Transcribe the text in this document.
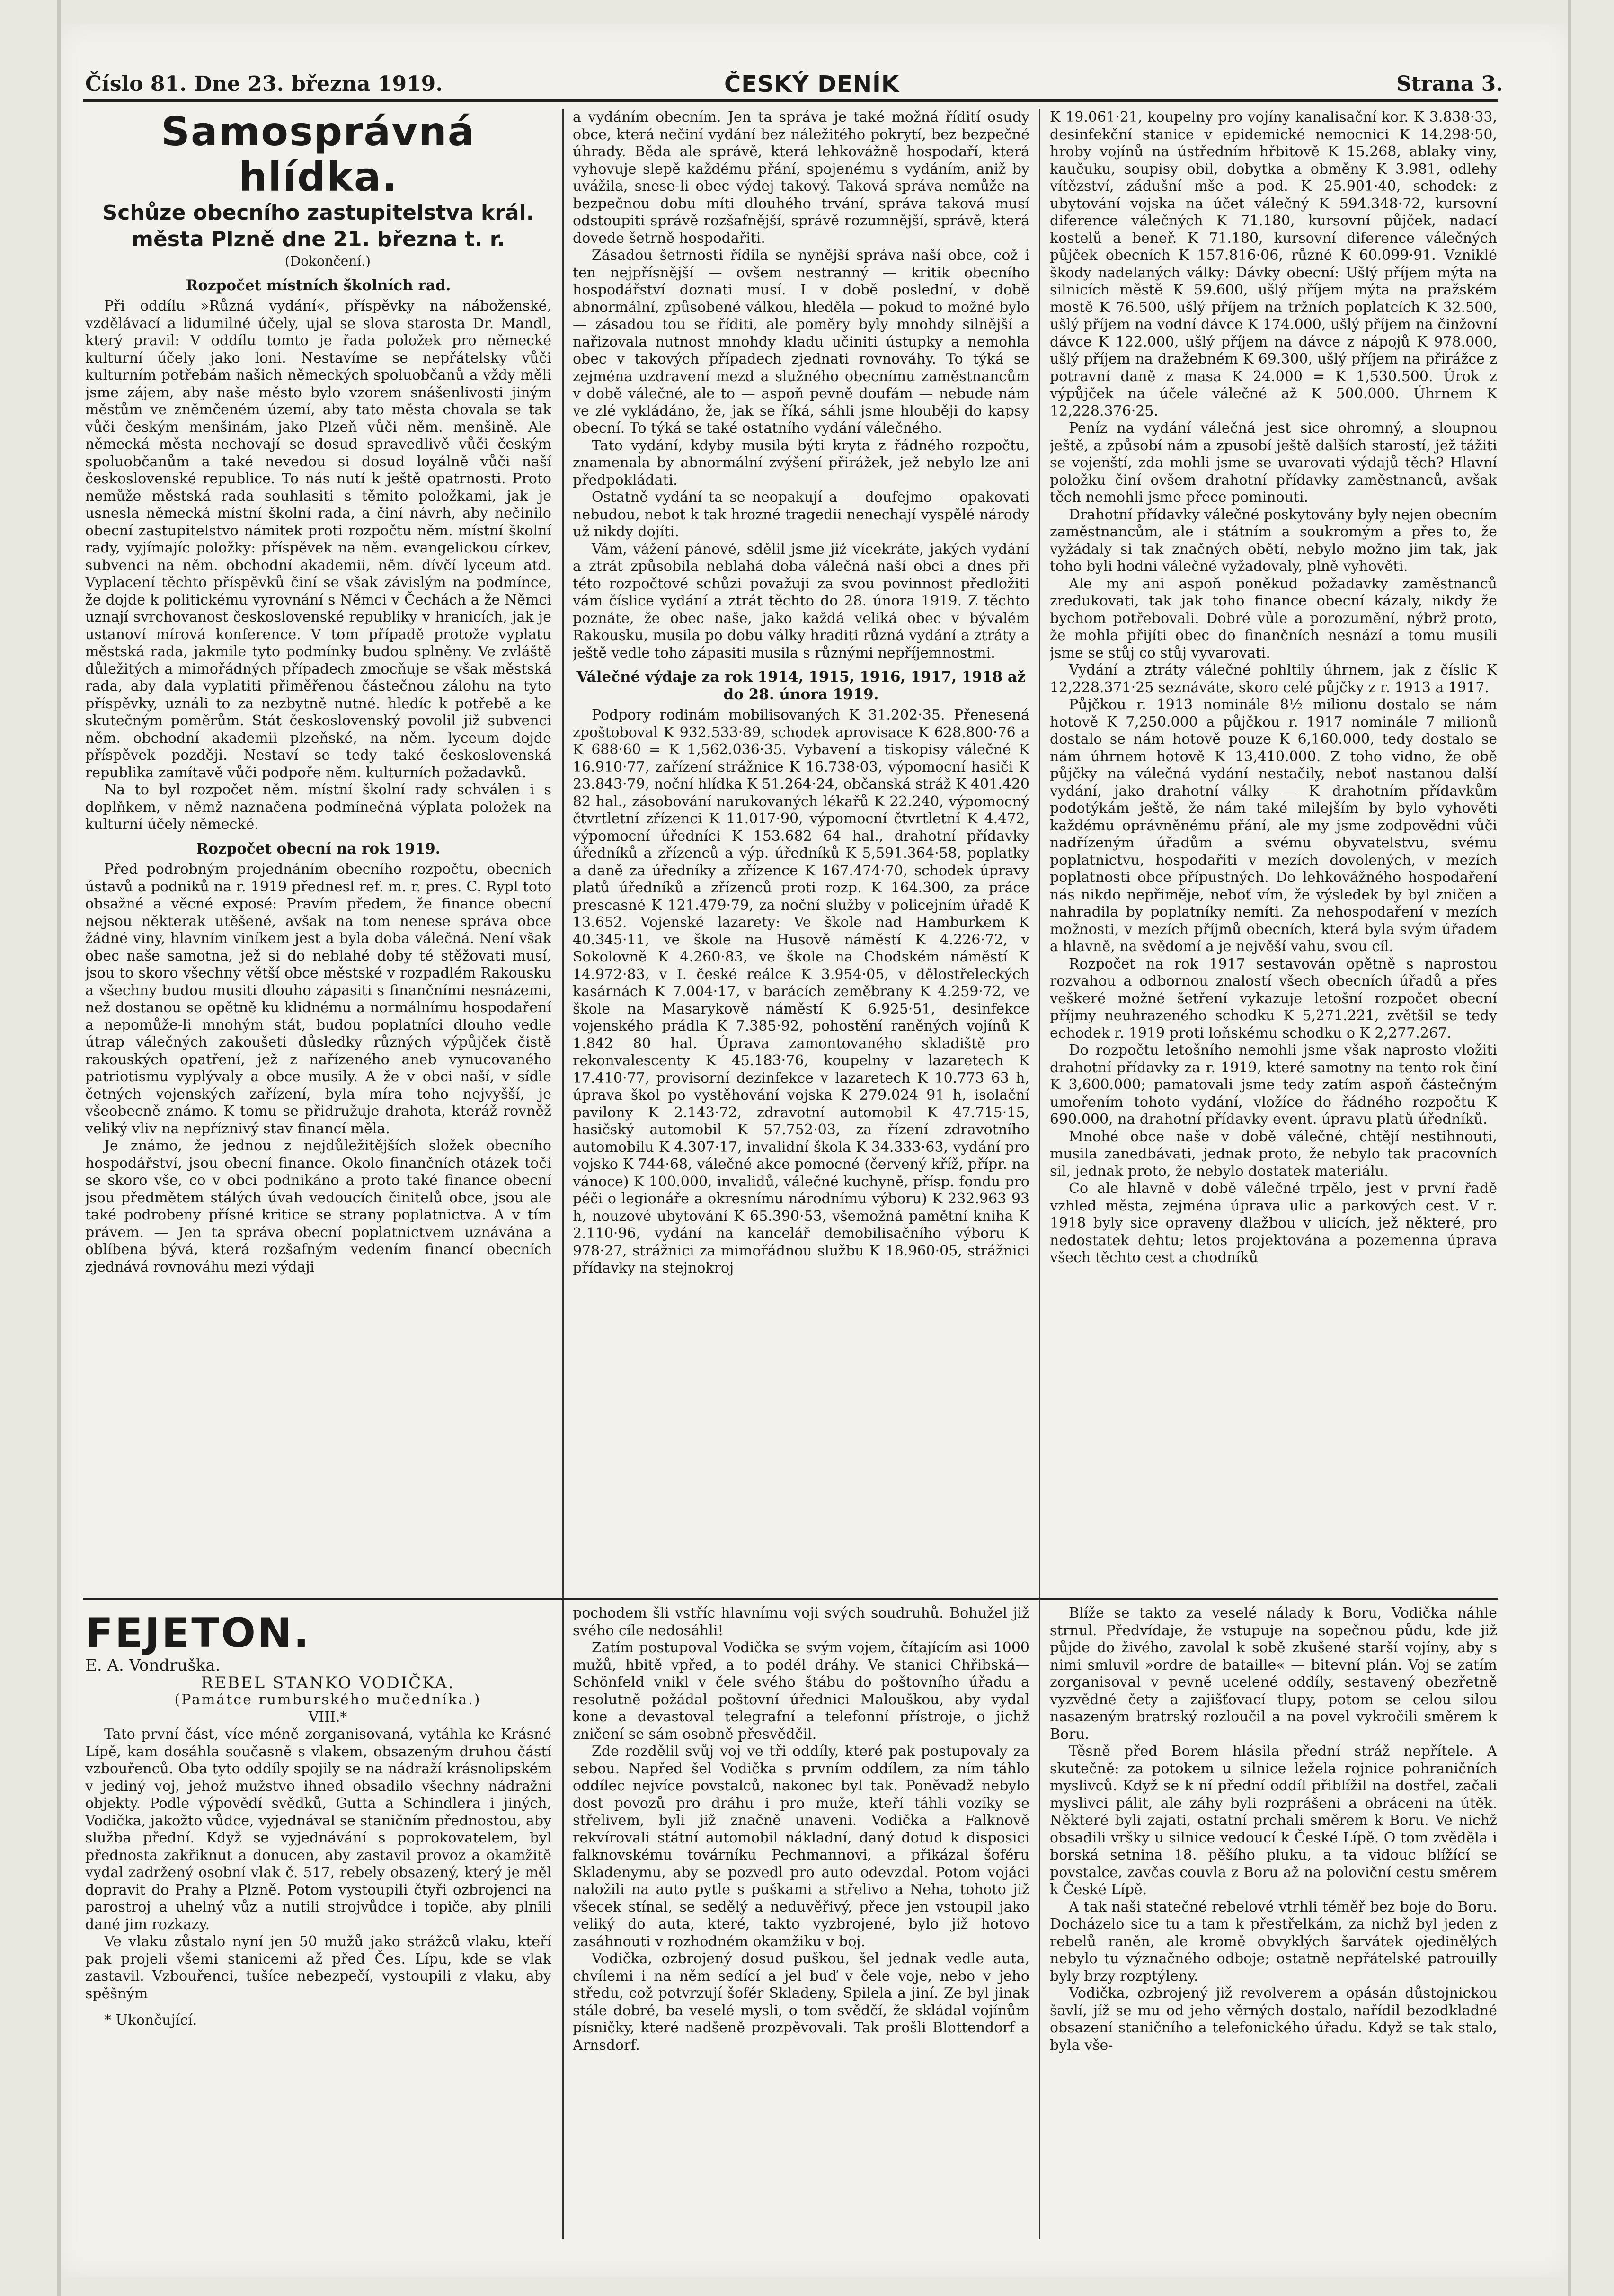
Číslo 81. Dne 23. března 1919.	ČESKÝ DENÍK	Strana 3.
Samosprávná hlídka.
Schůze obecního zastupitelstva král. města Plzně dne 21. března t. r.

(Dokončení.)

Rozpočet místních školních rad.

Při oddílu »Různá vydání«, příspěvky na náboženské, vzdělávací a lidumilné účely, ujal se slova starosta Dr. Mandl, který pravil: V oddílu tomto je řada položek pro německé kulturní účely jako loni. Nestavíme se nepřátelsky vůči kulturním potřebám našich německých spoluobčanů a vždy měli jsme zájem, aby naše město bylo vzorem snášenlivosti jiným městům ve zněmčeném území, aby tato města chovala se tak vůči českým menšinám, jako Plzeň vůči něm. menšině. Ale německá města nechovají se dosud spravedlivě vůči českým spoluobčanům a také nevedou si dosud loyálně vůči naší československé republice. To nás nutí k ještě opatrnosti. Proto nemůže městská rada souhlasiti s těmito položkami, jak je usnesla německá místní školní rada, a činí návrh, aby nečinilo obecní zastupitelstvo námitek proti rozpočtu něm. místní školní rady, vyjímajíc položky: příspěvek na něm. evangelickou církev, subvenci na něm. obchodní akademii, něm. dívčí lyceum atd. Vyplacení těchto příspěvků činí se však závislým na podmínce, že dojde k politickému vyrovnání s Němci v Čechách a že Němci uznají svrchovanost československé republiky v hranicích, jak je ustanoví mírová konference. V tom případě protože vyplatu městská rada, jakmile tyto podmínky budou splněny. Ve zvláště důležitých a mimořádných případech zmocňuje se však městská rada, aby dala vyplatiti přiměřenou částečnou zálohu na tyto příspěvky, uználi to za nezbytně nutné. hledíc k potřebě a ke skutečným poměrům. Stát československý povolil již subvenci něm. obchodní akademii plzeňské, na něm. lyceum dojde příspěvek později. Nestaví se tedy také československá republika zamítavě vůči podpoře něm. kulturních požadavků.

Na to byl rozpočet něm. místní školní rady schválen i s doplňkem, v němž naznačena podmínečná výplata položek na kulturní účely německé.

Rozpočet obecní na rok 1919.

Před podrobným projednáním obecního rozpočtu, obecních ústavů a podniků na r. 1919 přednesl ref. m. r. pres. C. Rypl toto obsažné a věcné exposé: Pravím předem, že finance obecní nejsou některak utěšené, avšak na tom nenese správa obce žádné viny, hlavním viníkem jest a byla doba válečná. Není však obec naše samotna, jež si do neblahé doby té stěžovati musí, jsou to skoro všechny větší obce městské v rozpadlém Rakousku a všechny budou musiti dlouho zápasiti s finančními nesnázemi, než dostanou se opětně ku klidnému a normálnímu hospodaření a nepomůže-li mnohým stát, budou poplatníci dlouho vedle útrap válečných zakoušeti důsledky různých výpůjček čistě rakouských opatření, jež z nařízeného aneb vynucovaného patriotismu vyplývaly a obce musily. A že v obci naší, v sídle četných vojenských zařízení, byla míra toho nejvyšší, je všeobecně známo. K tomu se přidružuje drahota, kteráž rovněž veliký vliv na nepříznivý stav financí měla.

Je známo, že jednou z nejdůležitějších složek obecního hospodářství, jsou obecní finance. Okolo finančních otázek točí se skoro vše, co v obci podnikáno a proto také finance obecní jsou předmětem stálých úvah vedoucích činitelů obce, jsou ale také podrobeny přísné kritice se strany poplatnictva. A v tím právem. — Jen ta správa obecní poplatnictvem uznávána a oblíbena bývá, která rozšafným vedením financí obecních zjednává rovnováhu mezi výdaji

a vydáním obecním. Jen ta správa je také možná řídití osudy obce, která nečiní vydání bez náležitého pokrytí, bez bezpečné úhrady. Běda ale správě, která lehkovážně hospodaří, která vyhovuje slepě každému přání, spojenému s vydáním, aniž by uvážila, snese-li obec výdej takový. Taková správa nemůže na bezpečnou dobu míti dlouhého trvání, správa taková musí odstoupiti správě rozšafnější, správě rozumnější, správě, která dovede šetrně hospodařiti.

Zásadou šetrnosti řídila se nynější správa naší obce, což i ten nejpřísnější — ovšem nestranný — kritik obecního hospodářství doznati musí. I v době poslední, v době abnormální, způsobené válkou, hleděla — pokud to možné bylo — zásadou tou se říditi, ale poměry byly mnohdy silnější a nařizovala nutnost mnohdy kladu učiniti ústupky a nemohla obec v takových případech zjednati rovnováhy. To týká se zejména uzdravení mezd a služného obecnímu zaměstnancům v době válečné, ale to — aspoň pevně doufám — nebude nám ve zlé vykládáno, že, jak se říká, sáhli jsme hlouběji do kapsy obecní. To týká se také ostatního vydání válečného.

Tato vydání, kdyby musila býti kryta z řádného rozpočtu, znamenala by abnormální zvýšení přirážek, jež nebylo lze ani předpokládati.

Ostatně vydání ta se neopakují a — doufejmo — opakovati nebudou, nebot k tak hrozné tragedii nenechají vyspělé národy už nikdy dojíti.

Vám, vážení pánové, sdělil jsme již vícekráte, jakých vydání a ztrát způsobila neblahá doba válečná naší obci a dnes při této rozpočtové schůzi považuji za svou povinnost předložiti vám číslice vydání a ztrát těchto do 28. února 1919. Z těchto poznáte, že obec naše, jako každá veliká obec v bývalém Rakousku, musila po dobu války hraditi různá vydání a ztráty a ještě vedle toho zápasiti musila s různými nepříjemnostmi.

Válečné výdaje za rok 1914, 1915, 1916, 1917, 1918 až do 28. února 1919.

Podpory rodinám mobilisovaných K 31.202·35. Přenesená zpoštoboval K 932.533·89, schodek aprovisace K 628.800·76 a K 688·60 = K 1,562.036·35. Vybavení a tiskopisy válečné K 16.910·77, zařízení strážnice K 16.738·03, výpomocní hasiči K 23.843·79, noční hlídka K 51.264·24, občanská stráž K 401.420 82 hal., zásobování narukovaných lékařů K 22.240, výpomocný čtvrtletní zřízenci K 11.017·90, výpomocní čtvrtletní K 4.472, výpomocní úředníci K 153.682 64 hal., drahotní přídavky úředníků a zřízenců a výp. úředníků K 5,591.364·58, poplatky a daně za úředníky a zřízence K 167.474·70, schodek úpravy platů úředníků a zřízenců proti rozp. K 164.300, za práce prescasné K 121.479·79, za noční služby v policejním úřadě K 13.652. Vojenské lazarety: Ve škole nad Hamburkem K 40.345·11, ve škole na Husově náměstí K 4.226·72, v Sokolovně K 4.260·83, ve škole na Chodském náměstí K 14.972·83, v I. české reálce K 3.954·05, v dělostřeleckých kasárnách K 7.004·17, v barácích zeměbrany K 4.259·72, ve škole na Masarykově náměstí K 6.925·51, desinfekce vojenského prádla K 7.385·92, pohostění raněných vojínů K 1.842 80 hal. Úprava zamontovaného skladiště pro rekonvalescenty K 45.183·76, koupelny v lazaretech K 17.410·77, provisorní dezinfekce v lazaretech K 10.773 63 h, úprava škol po vystěhování vojska K 279.024 91 h, isolační pavilony K 2.143·72, zdravotní automobil K 47.715·15, hasičský automobil K 57.752·03, za řízení zdravotního automobilu K 4.307·17, invalidní škola K 34.333·63, vydání pro vojsko K 744·68, válečné akce pomocné (červený kříž, přípr. na vánoce) K 100.000, invalidů, válečné kuchyně, přísp. fondu pro péči o legionáře a okresnímu národnímu výboru) K 232.963 93 h, nouzové ubytování K 65.390·53, všemožná pamětní kniha K 2.110·96, vydání na kancelář demobilisačního výboru K 978·27, strážnici za mimořádnou službu K 18.960·05, strážnici přídavky na stejnokroj

K 19.061·21, koupelny pro vojíny kanalisační kor. K 3.838·33, desinfekční stanice v epidemické nemocnici K 14.298·50, hroby vojínů na ústředním hřbitově K 15.268, ablaky viny, kaučuku, soupisy obil, dobytka a obměny K 3.981, odlehy vítězství, zádušní mše a pod. K 25.901·40, schodek: z ubytování vojska na účet válečný K 594.348·72, kursovní diference válečných K 71.180, kursovní půjček, nadací kostelů a beneř. K 71.180, kursovní diference válečných půjček obecních K 157.816·06, různé K 60.099·91. Vzniklé škody nadelaných války: Dávky obecní: Ušlý příjem mýta na silnicích městě K 59.600, ušlý příjem mýta na pražském mostě K 76.500, ušlý příjem na tržních poplatcích K 32.500, ušlý příjem na vodní dávce K 174.000, ušlý příjem na činžovní dávce K 122.000, ušlý příjem na dávce z nápojů K 978.000, ušlý příjem na dražebném K 69.300, ušlý příjem na přirážce z potravní daně z masa K 24.000 = K 1,530.500. Úrok z výpůjček na účele válečné až K 500.000. Úhrnem K 12,228.376·25.

Peníz na vydání válečná jest sice ohromný, a sloupnou ještě, a způsobí nám a zpusobí ještě dalších starostí, jež tážiti se vojenští, zda mohli jsme se uvarovati výdajů těch? Hlavní položku činí ovšem drahotní přídavky zaměstnanců, avšak těch nemohli jsme přece pominouti.

Drahotní přídavky válečné poskytovány byly nejen obecním zaměstnancům, ale i státním a soukromým a přes to, že vyžádaly si tak značných obětí, nebylo možno jim tak, jak toho byli hodni válečné vyžadovaly, plně vyhověti.

Ale my ani aspoň poněkud požadavky zaměstnanců zredukovati, tak jak toho finance obecní kázaly, nikdy že bychom potřebovali. Dobré vůle a porozumění, nýbrž proto, že mohla přijíti obec do finančních nesnází a tomu musili jsme se stůj co stůj vyvarovati.

Vydání a ztráty válečné pohltily úhrnem, jak z číslic K 12,228.371·25 seznáváte, skoro celé půjčky z r. 1913 a 1917.

Půjčkou r. 1913 nominále 8½ milionu dostalo se nám hotově K 7,250.000 a půjčkou r. 1917 nominále 7 milionů dostalo se nám hotově pouze K 6,160.000, tedy dostalo se nám úhrnem hotově K 13,410.000. Z toho vidno, že obě půjčky na válečná vydání nestačily, neboť nastanou další vydání, jako drahotní války — K drahotním přídavkům podotýkám ještě, že nám také milejším by bylo vyhověti každému oprávněnému přání, ale my jsme zodpovědni vůči nadřízeným úřadům a svému obyvatelstvu, svému poplatnictvu, hospodařiti v mezích dovolených, v mezích poplatnosti obce přípustných. Do lehkovážného hospodaření nás nikdo nepřiměje, neboť vím, že výsledek by byl zničen a nahradila by poplatníky nemíti. Za nehospodaření v mezích možnosti, v mezích příjmů obecních, která byla svým úřadem a hlavně, na svědomí a je nejvěší vahu, svou cíl.

Rozpočet na rok 1917 sestavován opětně s naprostou rozvahou a odbornou znalostí všech obecních úřadů a přes veškeré možné šetření vykazuje letošní rozpočet obecní příjmy neuhrazeného schodku K 5,271.221, zvětšil se tedy echodek r. 1919 proti loňskému schodku o K 2,277.267.

Do rozpočtu letošního nemohli jsme však naprosto vložiti drahotní přídavky za r. 1919, které samotny na tento rok činí K 3,600.000; pamatovali jsme tedy zatím aspoň částečným umořením tohoto vydání, vložíce do řádného rozpočtu K 690.000, na drahotní přídavky event. úpravu platů úředníků.

Mnohé obce naše v době válečné, chtějí nestihnouti, musila zanedbávati, jednak proto, že nebylo tak pracovních sil, jednak proto, že nebylo dostatek materiálu.

Co ale hlavně v době válečné trpělo, jest v první řadě vzhled města, zejména úprava ulic a parkových cest. V r. 1918 byly sice opraveny dlažbou v ulicích, jež některé, pro nedostatek dehtu; letos projektována a pozemenna úprava všech těchto cest a chodníků

FEJETON.

E. A. Vondruška.

REBEL STANKO VODIČKA.

(Památce rumburského mučedníka.)

VIII.*

Tato první část, více méně zorganisovaná, vytáhla ke Krásné Lípě, kam dosáhla současně s vlakem, obsazeným druhou částí vzbouřenců. Oba tyto oddíly spojily se na nádraží krásnolipském v jediný voj, jehož mužstvo ihned obsadilo všechny nádražní objekty. Podle výpovědí svědků, Gutta a Schindlera i jiných, Vodička, jakožto vůdce, vyjednával se staničním přednostou, aby služba přední. Když se vyjednávání s poprokovatelem, byl přednosta zakřiknut a donucen, aby zastavil provoz a okamžitě vydal zadržený osobní vlak č. 517, rebely obsazený, který je měl dopravit do Prahy a Plzně. Potom vystoupili čtyři ozbrojenci na parostroj a uhelný vůz a nutili strojvůdce i topiče, aby plnili dané jim rozkazy.

Ve vlaku zůstalo nyní jen 50 mužů jako strážců vlaku, kteří pak projeli všemi stanicemi až před Čes. Lípu, kde se vlak zastavil. Vzbouřenci, tušíce nebezpečí, vystoupili z vlaku, aby spěšným

* Ukončující.

pochodem šli vstříc hlavnímu voji svých soudruhů. Bohužel již svého cíle nedosáhli!

Zatím postupoval Vodička se svým vojem, čítajícím asi 1000 mužů, hbitě vpřed, a to podél dráhy. Ve stanici Chřibská—Schönfeld vnikl v čele svého štábu do poštovního úřadu a resolutně požádal poštovní úřednici Malouškou, aby vydal kone a devastoval telegrafní a telefonní přístroje, o jichž zničení se sám osobně přesvědčil.

Zde rozdělil svůj voj ve tři oddíly, které pak postupovaly za sebou. Napřed šel Vodička s prvním oddílem, za ním táhlo oddílec nejvíce povstalců, nakonec byl tak. Poněvadž nebylo dost povozů pro dráhu i pro muže, kteří táhli vozíky se střelivem, byli již značně unaveni. Vodička a Falknově rekvírovali státní automobil nákladní, daný dotud k disposici falknovskému továrníku Pechmannovi, a přikázal šoféru Skladenymu, aby se pozvedl pro auto odevzdal. Potom vojáci naložili na auto pytle s puškami a střelivo a Neha, tohoto již všecek stínal, se sedělý a neduvěřivý, přece jen vstoupil jako veliký do auta, které, takto vyzbrojené, bylo již hotovo zasáhnouti v rozhodném okamžiku v boj.

Vodička, ozbrojený dosud puškou, šel jednak vedle auta, chvílemi i na něm sedící a jel buď v čele voje, nebo v jeho středu, což potvrzují šofér Skladeny, Spilela a jiní. Ze byl jinak stále dobré, ba veselé mysli, o tom svědčí, že skládal vojínům písničky, které nadšeně prozpěvovali. Tak prošli Blottendorf a Arnsdorf.

Blíže se takto za veselé nálady k Boru, Vodička náhle strnul. Předvídaje, že vstupuje na sopečnou půdu, kde již půjde do živého, zavolal k sobě zkušené starší vojíny, aby s nimi smluvil »ordre de bataille« — bitevní plán. Voj se zatím zorganisoval v pevně ucelené oddíly, sestavený obezřetně vyzvědné čety a zajišťovací tlupy, potom se celou silou nasazeným bratrský rozloučil a na povel vykročili směrem k Boru.

Těsně před Borem hlásila přední stráž nepřítele. A skutečně: za potokem u silnice ležela rojnice pohraničních myslivců. Když se k ní přední oddíl přiblížil na dostřel, začali myslivci pálit, ale záhy byli rozprášeni a obráceni na útěk. Některé byli zajati, ostatní prchali směrem k Boru. Ve nichž obsadili vršky u silnice vedoucí k České Lípě. O tom zvěděla i borská setnina 18. pěšího pluku, a ta vidouc blížící se povstalce, zavčas couvla z Boru až na poloviční cestu směrem k České Lípě.

A tak naši statečné rebelové vtrhli téměř bez boje do Boru. Docházelo sice tu a tam k přestřelkám, za nichž byl jeden z rebelů raněn, ale kromě obvyklých šarvátek ojedinělých nebylo tu význačného odboje; ostatně nepřátelské patrouilly byly brzy rozptýleny.

Vodička, ozbrojený již revolverem a opásán důstojnickou šavlí, jíž se mu od jeho věrných dostalo, nařídil bezodkladné obsazení staničního a telefonického úřadu. Když se tak stalo, byla vše-
